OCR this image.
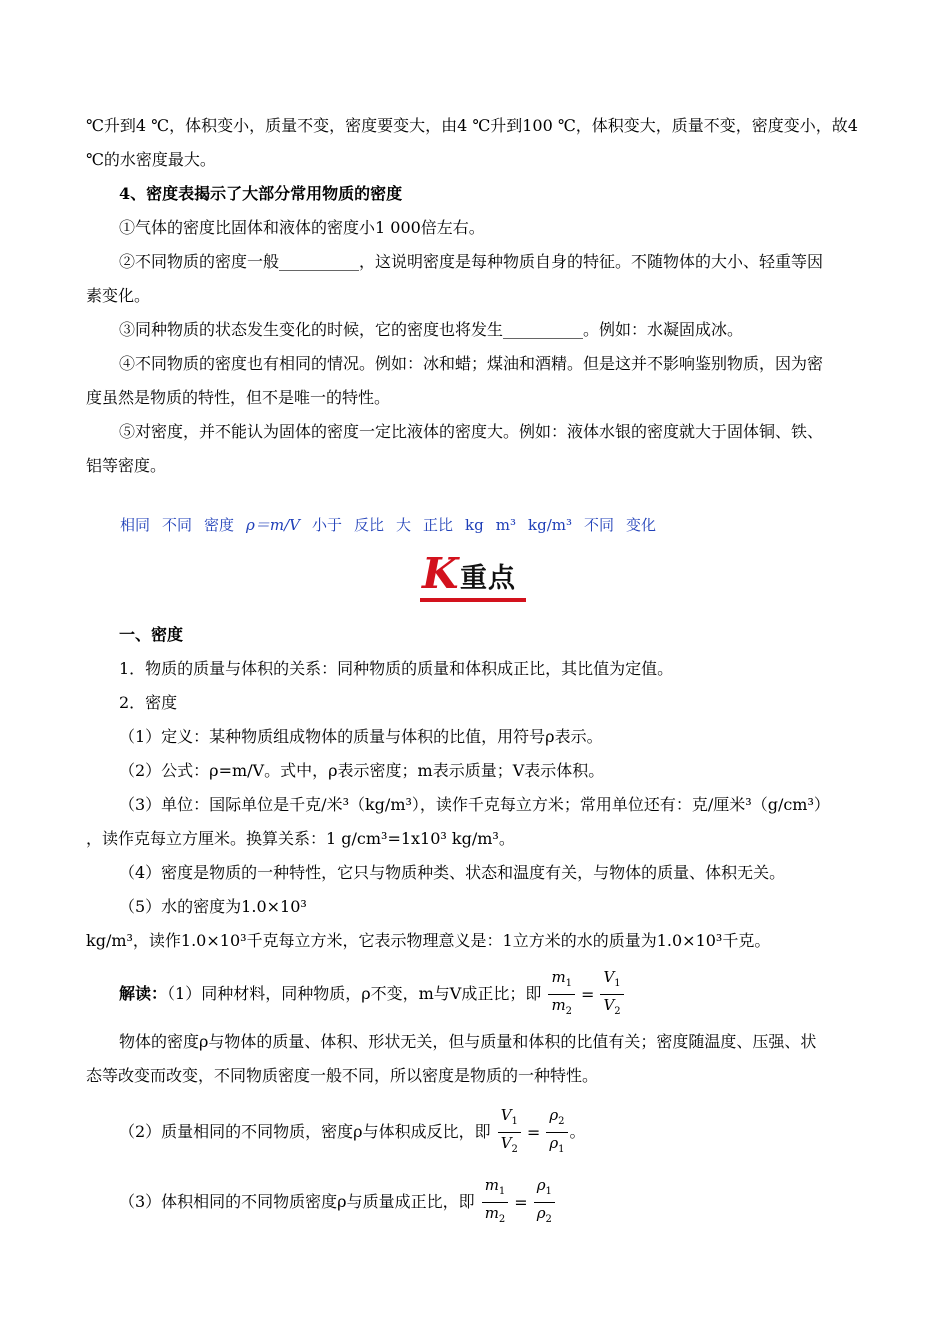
℃升到4 ℃，体积变小，质量不变，密度要变大，由4 ℃升到100 ℃，体积变大，质量不变，密度变小，故4
℃的水密度最大。
4、密度表揭示了大部分常用物质的密度
①气体的密度比固体和液体的密度小1 000倍左右。
②不同物质的密度一般__________，这说明密度是每种物质自身的特征。不随物体的大小、轻重等因
素变化。
③同种物质的状态发生变化的时候，它的密度也将发生__________。例如：水凝固成冰。
④不同物质的密度也有相同的情况。例如：冰和蜡；煤油和酒精。但是这并不影响鉴别物质，因为密
度虽然是物质的特性，但不是唯一的特性。
⑤对密度，并不能认为固体的密度一定比液体的密度大。例如：液体水银的密度就大于固体铜、铁、
铝等密度。
相同 不同 密度 ρ＝m/V 小于 反比 大 正比 kg m³ kg/m³ 不同 变化
K 重点
一、密度
1．物质的质量与体积的关系：同种物质的质量和体积成正比，其比值为定值。
2．密度
（1）定义：某种物质组成物体的质量与体积的比值，用符号ρ表示。
（2）公式：ρ=m/V。式中，ρ表示密度；m表示质量；V表示体积。
（3）单位：国际单位是千克/米³（kg/m³），读作千克每立方米；常用单位还有：克/厘米³（g/cm³）
，读作克每立方厘米。换算关系：1 g/cm³=1x10³ kg/m³。
（4）密度是物质的一种特性，它只与物质种类、状态和温度有关，与物体的质量、体积无关。
（5）水的密度为1.0×10³
kg/m³，读作1.0×10³千克每立方米，它表示物理意义是：1立方米的水的质量为1.0×10³千克。
解读：（1）同种材料，同种物质，ρ不变，m与V成正比；即 $\frac{m_1}{m_2} = \frac{V_1}{V_2}$
物体的密度ρ与物体的质量、体积、形状无关，但与质量和体积的比值有关；密度随温度、压强、状
态等改变而改变，不同物质密度一般不同，所以密度是物质的一种特性。
（2）质量相同的不同物质，密度ρ与体积成反比，即 $\frac{V_1}{V_2} = \frac{\rho_2}{\rho_1}$ 。
（3）体积相同的不同物质密度ρ与质量成正比，即 $\frac{m_1}{m_2} = \frac{\rho_1}{\rho_2}$
